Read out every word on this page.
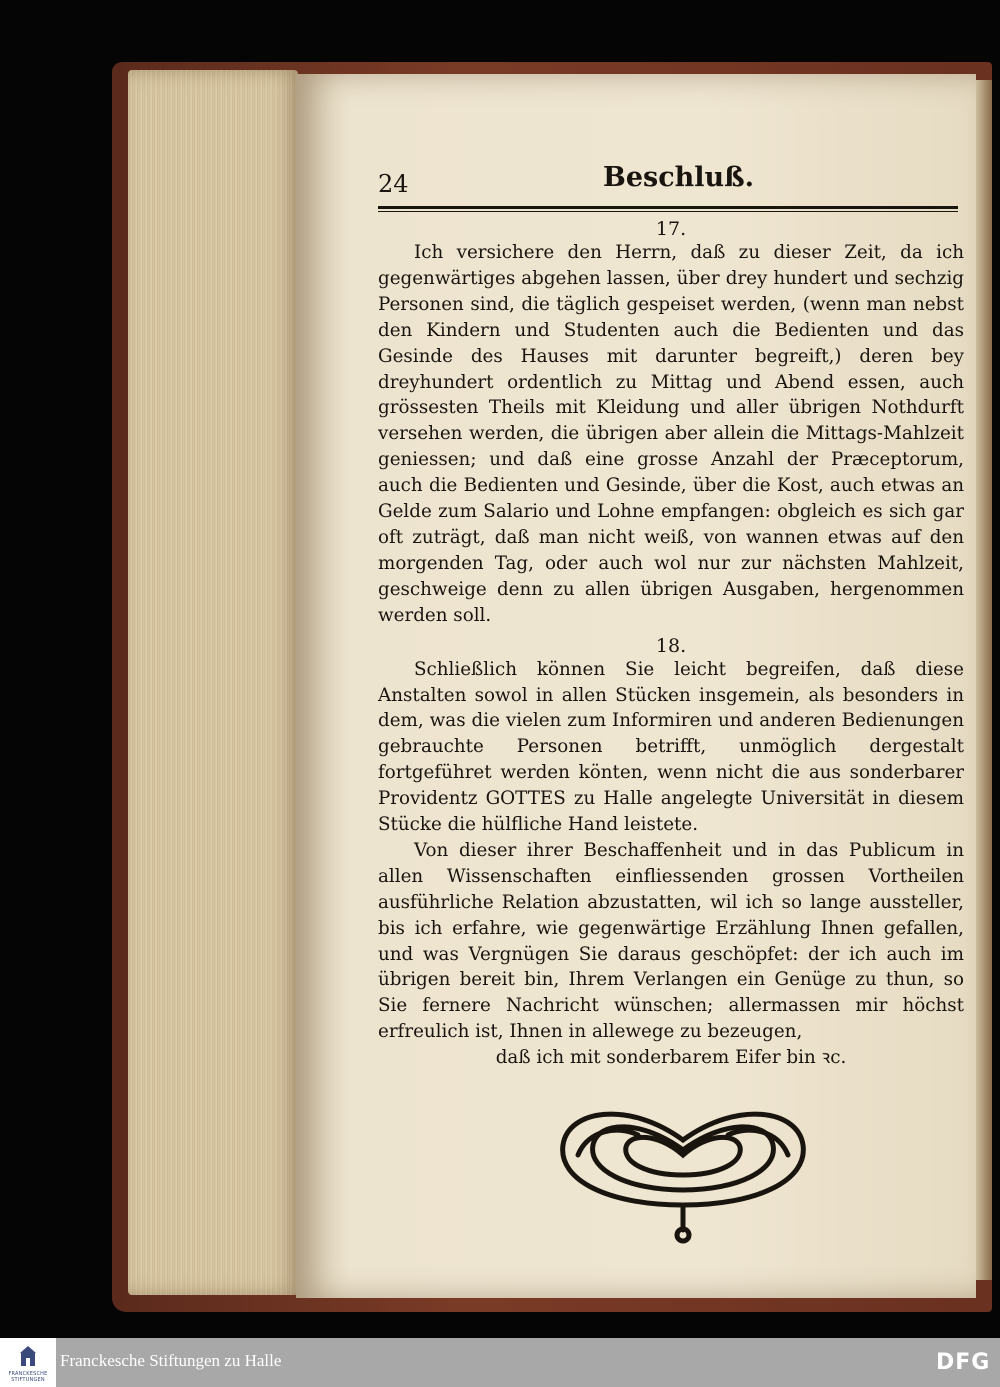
24	Beschluß.
17.

Ich versichere den Herrn, daß zu dieser Zeit, da ich gegenwärtiges abgehen lassen, über drey hundert und sechzig Personen sind, die täglich gespeiset werden, (wenn man nebst den Kindern und Studenten auch die Bedienten und das Gesinde des Hauses mit darunter begreift,) deren bey dreyhundert ordentlich zu Mittag und Abend essen, auch grössesten Theils mit Kleidung und aller übrigen Nothdurft versehen werden, die übrigen aber allein die Mittags-Mahlzeit geniessen; und daß eine grosse Anzahl der Præceptorum, auch die Bedienten und Gesinde, über die Kost, auch etwas an Gelde zum Salario und Lohne empfangen: obgleich es sich gar oft zuträgt, daß man nicht weiß, von wannen etwas auf den morgenden Tag, oder auch wol nur zur nächsten Mahlzeit, geschweige denn zu allen übrigen Ausgaben, hergenommen werden soll.

18.

Schließlich können Sie leicht begreifen, daß diese Anstalten sowol in allen Stücken insgemein, als besonders in dem, was die vielen zum Informiren und anderen Bedienungen gebrauchte Personen betrifft, unmöglich dergestalt fortgeführet werden könten, wenn nicht die aus sonderbarer Providentz GOTTES zu Halle angelegte Universität in diesem Stücke die hülfliche Hand leistete.

Von dieser ihrer Beschaffenheit und in das Publicum in allen Wissenschaften einfliessenden grossen Vortheilen ausführliche Relation abzustatten, wil ich so lange aussteller, bis ich erfahre, wie gegenwärtige Erzählung Ihnen gefallen, und was Vergnügen Sie daraus geschöpfet: der ich auch im übrigen bereit bin, Ihrem Verlangen ein Genüge zu thun, so Sie fernere Nachricht wünschen; allermassen mir höchst erfreulich ist, Ihnen in allewege zu bezeugen,

daß ich mit sonderbarem Eifer bin ꝛc.

FRANCKESCHE STIFTUNGEN
Franckesche Stiftungen zu Halle	DFG
